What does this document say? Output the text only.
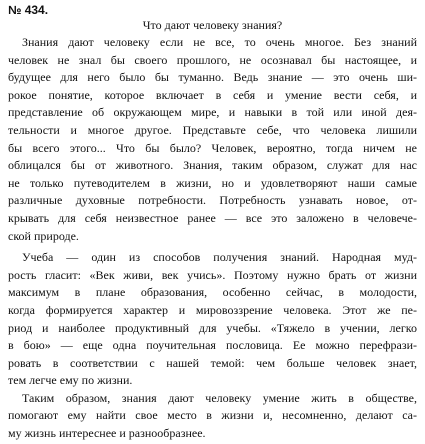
№ 434.
Что дают человеку знания?
Знания дают человеку если не все, то очень многое. Без знаний
человек не знал бы своего прошлого, не осознавал бы настоящее, и
будущее для него было бы туманно. Ведь знание — это очень ши-
рокое понятие, которое включает в себя и умение вести себя, и
представление об окружающем мире, и навыки в той или иной дея-
тельности и многое другое. Представьте себе, что человека лишили
бы всего этого... Что бы было? Человек, вероятно, тогда ничем не
облицался бы от животного. Знания, таким образом, служат для нас
не только путеводителем в жизни, но и удовлетворяют наши самые
различные духовные потребности. Потребность узнавать новое, от-
крывать для себя неизвестное ранее — все это заложено в человече-
ской природе.
Учеба — один из способов получения знаний. Народная муд-
рость гласит: «Век живи, век учись». Поэтому нужно брать от жизни
максимум в плане образования, особенно сейчас, в молодости,
когда формируется характер и мировоззрение человека. Этот же пе-
риод и наиболее продуктивный для учебы. «Тяжело в учении, легко
в бою» — еще одна поучительная пословица. Ее можно перефрази-
ровать в соответствии с нашей темой: чем больше человек знает,
тем легче ему по жизни.
Таким образом, знания дают человеку умение жить в обществе,
помогают ему найти свое место в жизни и, несомненно, делают са-
му жизнь интереснее и разнообразнее.
